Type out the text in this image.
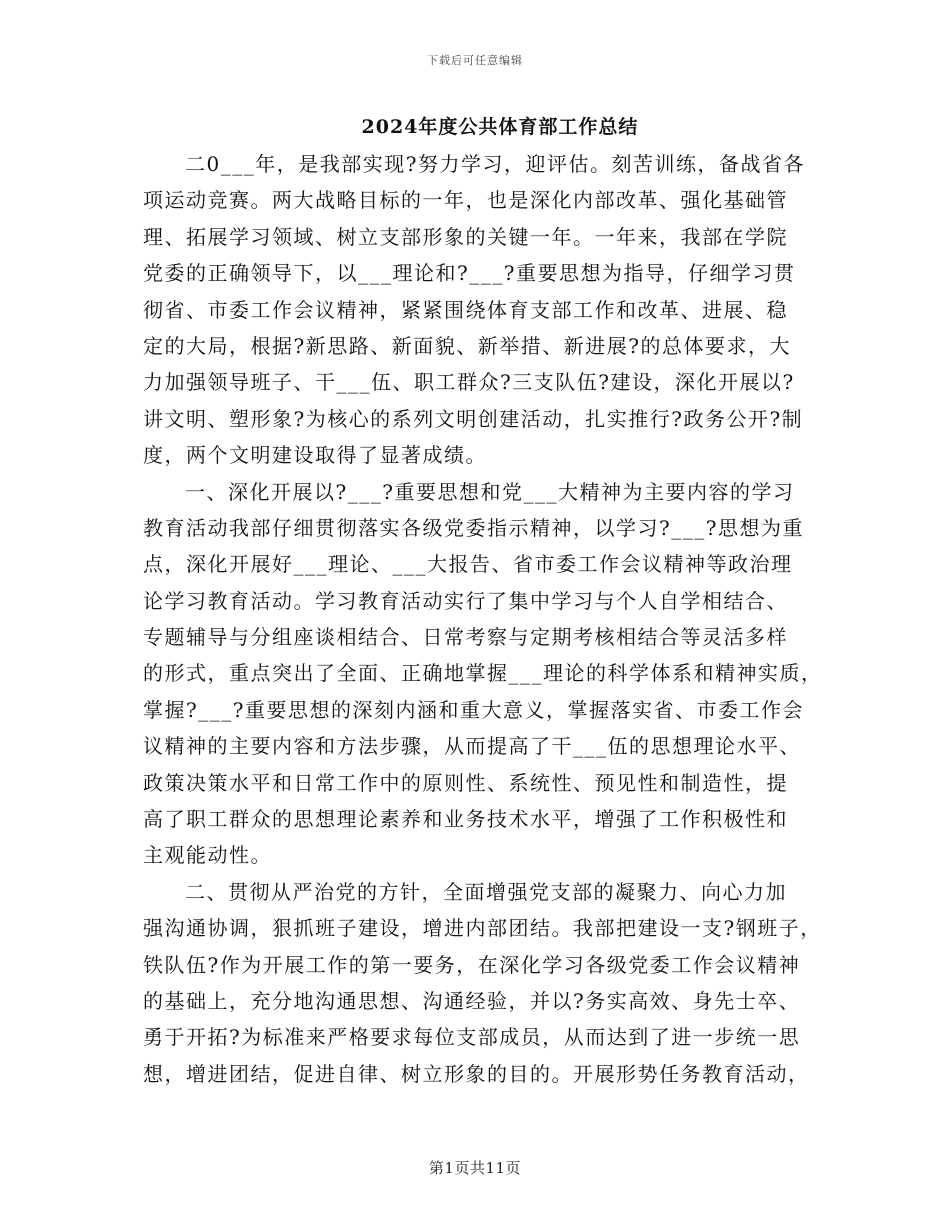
下载后可任意编辑
2024年度公共体育部工作总结
二0___年，是我部实现?努力学习，迎评估。刻苦训练，备战省各
项运动竞赛。两大战略目标的一年，也是深化内部改革、强化基础管
理、拓展学习领域、树立支部形象的关键一年。一年来，我部在学院
党委的正确领导下，以___理论和?___?重要思想为指导，仔细学习贯
彻省、市委工作会议精神，紧紧围绕体育支部工作和改革、进展、稳
定的大局，根据?新思路、新面貌、新举措、新进展?的总体要求，大
力加强领导班子、干___伍、职工群众?三支队伍?建设，深化开展以?
讲文明、塑形象?为核心的系列文明创建活动，扎实推行?政务公开?制
度，两个文明建设取得了显著成绩。
一、深化开展以?___?重要思想和党___大精神为主要内容的学习
教育活动我部仔细贯彻落实各级党委指示精神，以学习?___?思想为重
点，深化开展好___理论、___大报告、省市委工作会议精神等政治理
论学习教育活动。学习教育活动实行了集中学习与个人自学相结合、
专题辅导与分组座谈相结合、日常考察与定期考核相结合等灵活多样
的形式，重点突出了全面、正确地掌握___理论的科学体系和精神实质，
掌握?___?重要思想的深刻内涵和重大意义，掌握落实省、市委工作会
议精神的主要内容和方法步骤，从而提高了干___伍的思想理论水平、
政策决策水平和日常工作中的原则性、系统性、预见性和制造性，提
高了职工群众的思想理论素养和业务技术水平，增强了工作积极性和
主观能动性。
二、贯彻从严治党的方针，全面增强党支部的凝聚力、向心力加
强沟通协调，狠抓班子建设，增进内部团结。我部把建设一支?钢班子，
铁队伍?作为开展工作的第一要务，在深化学习各级党委工作会议精神
的基础上，充分地沟通思想、沟通经验，并以?务实高效、身先士卒、
勇于开拓?为标准来严格要求每位支部成员，从而达到了进一步统一思
想，增进团结，促进自律、树立形象的目的。开展形势任务教育活动，
第1页共11页
